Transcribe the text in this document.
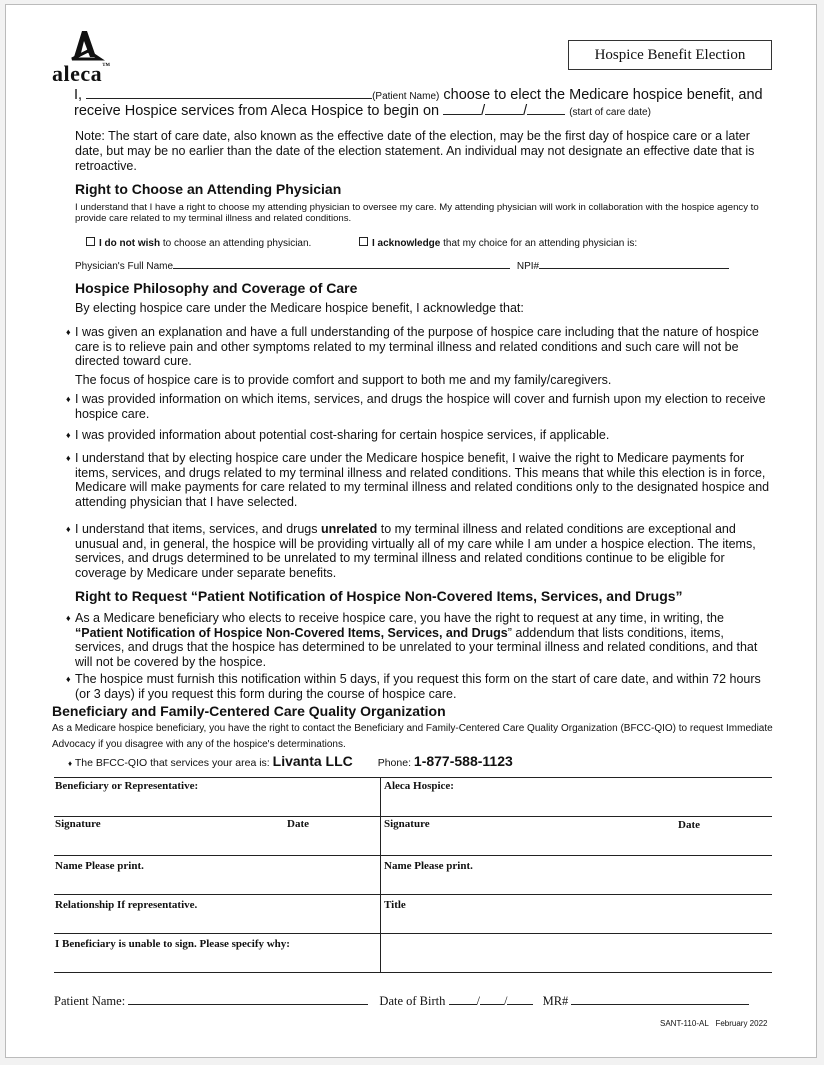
aleca™
Hospice Benefit Election
I,	(Patient Name) choose to elect the Medicare hospice benefit, and
receive Hospice services from Aleca Hospice to begin on	/	/	(start of care date)
Note: The start of care date, also known as the effective date of the election, may be the first day of hospice care or a later date, but may be no earlier than the date of the election statement. An individual may not designate an effective date that is retroactive.
Right to Choose an Attending Physician
I understand that I have a right to choose my attending physician to oversee my care. My attending physician will work in collaboration with the hospice agency to provide care related to my terminal illness and related conditions.
I do not wish to choose an attending physician.	I acknowledge that my choice for an attending physician is:
Physician's Full Name	NPI#
Hospice Philosophy and Coverage of Care
By electing hospice care under the Medicare hospice benefit, I acknowledge that:
♦ I was given an explanation and have a full understanding of the purpose of hospice care including that the nature of hospice care is to relieve pain and other symptoms related to my terminal illness and related conditions and such care will not be directed toward cure.
The focus of hospice care is to provide comfort and support to both me and my family/caregivers.
♦ I was provided information on which items, services, and drugs the hospice will cover and furnish upon my election to receive hospice care.
♦ I was provided information about potential cost-sharing for certain hospice services, if applicable.
♦ I understand that by electing hospice care under the Medicare hospice benefit, I waive the right to Medicare payments for items, services, and drugs related to my terminal illness and related conditions. This means that while this election is in force, Medicare will make payments for care related to my terminal illness and related conditions only to the designated hospice and attending physician that I have selected.
♦ I understand that items, services, and drugs unrelated to my terminal illness and related conditions are exceptional and unusual and, in general, the hospice will be providing virtually all of my care while I am under a hospice election. The items, services, and drugs determined to be unrelated to my terminal illness and related conditions continue to be eligible for coverage by Medicare under separate benefits.
Right to Request “Patient Notification of Hospice Non-Covered Items, Services, and Drugs”
♦ As a Medicare beneficiary who elects to receive hospice care, you have the right to request at any time, in writing, the “Patient Notification of Hospice Non-Covered Items, Services, and Drugs” addendum that lists conditions, items, services, and drugs that the hospice has determined to be unrelated to your terminal illness and related conditions, and that will not be covered by the hospice.
♦ The hospice must furnish this notification within 5 days, if you request this form on the start of care date, and within 72 hours (or 3 days) if you request this form during the course of hospice care.
Beneficiary and Family-Centered Care Quality Organization
As a Medicare hospice beneficiary, you have the right to contact the Beneficiary and Family-Centered Care Quality Organization (BFCC-QIO) to request Immediate Advocacy if you disagree with any of the hospice's determinations.
♦ The BFCC-QIO that services your area is: Livanta LLC Phone: 1-877-588-1123
Beneficiary or Representative:	Aleca Hospice:
Signature	Date	Signature	Date
Name Please print.	Name Please print.
Relationship If representative.	Title
I Beneficiary is unable to sign. Please specify why:
Patient Name:	Date of Birth / /	MR#
SANT-110-AL February 2022
